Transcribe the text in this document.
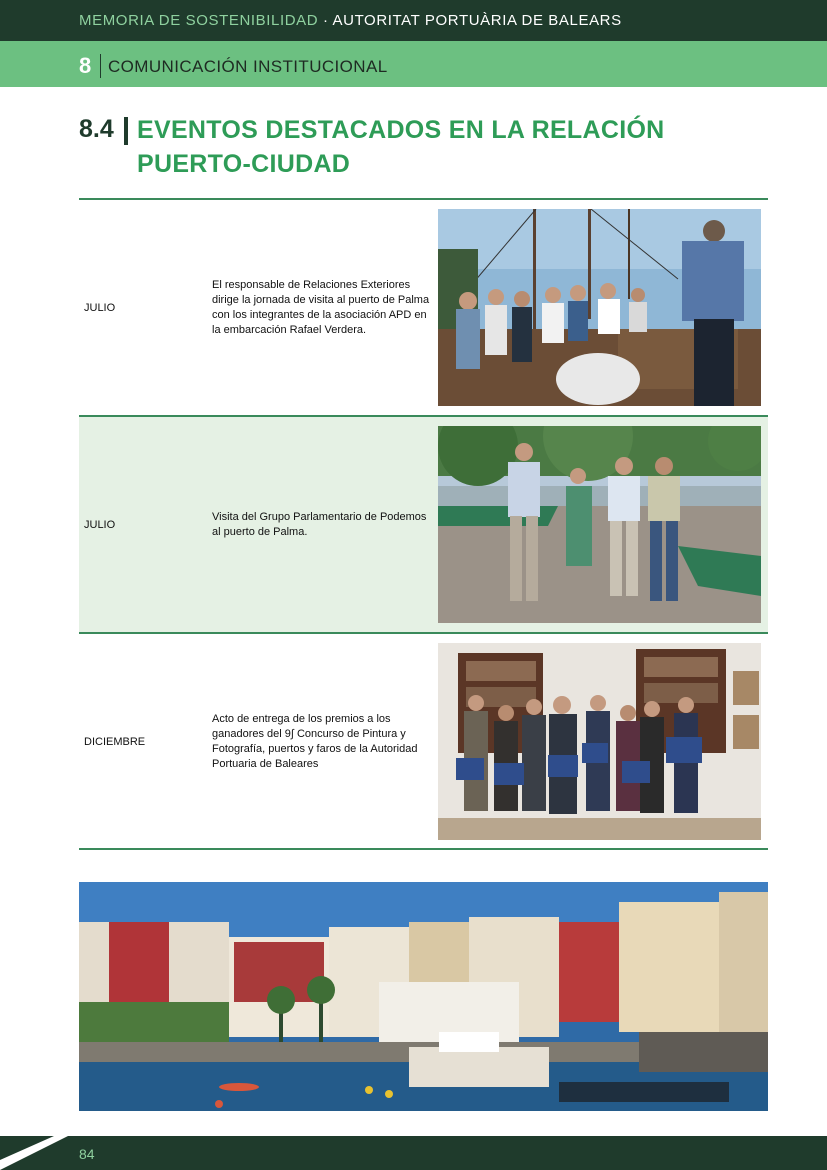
MEMORIA DE SOSTENIBILIDAD · AUTORITAT PORTUÀRIA DE BALEARS
8 COMUNICACIÓN INSTITUCIONAL
8.4 EVENTOS DESTACADOS EN LA RELACIÓN PUERTO-CIUDAD
JULIO
El responsable de Relaciones Exteriores dirige la jornada de visita al puerto de Palma con los integrantes de la asociación APD en la embarcación Rafael Verdera.
JULIO
Visita del Grupo Parlamentario de Podemos al puerto de Palma.
DICIEMBRE
Acto de entrega de los premios a los ganadores del 9∫ Concurso de Pintura y Fotografía, puertos y faros de la Autoridad Portuaria de Baleares
84
